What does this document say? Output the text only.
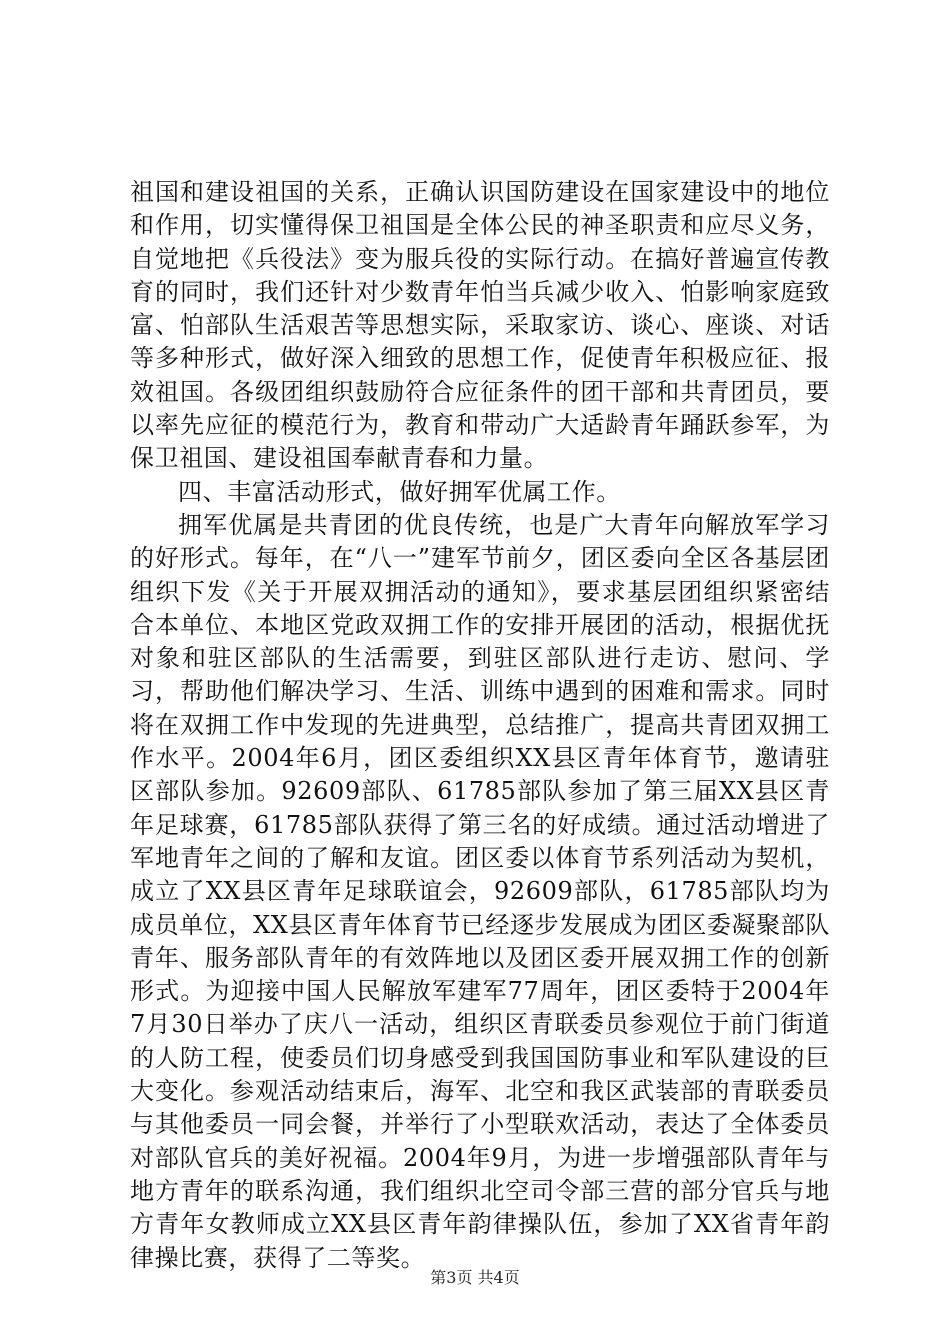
祖国和建设祖国的关系，正确认识国防建设在国家建设中的地位和作用，切实懂得保卫祖国是全体公民的神圣职责和应尽义务，自觉地把《兵役法》变为服兵役的实际行动。在搞好普遍宣传教育的同时，我们还针对少数青年怕当兵减少收入、怕影响家庭致富、怕部队生活艰苦等思想实际，采取家访、谈心、座谈、对话等多种形式，做好深入细致的思想工作，促使青年积极应征、报效祖国。各级团组织鼓励符合应征条件的团干部和共青团员，要以率先应征的模范行为，教育和带动广大适龄青年踊跃参军，为保卫祖国、建设祖国奉献青春和力量。

四、丰富活动形式，做好拥军优属工作。

拥军优属是共青团的优良传统，也是广大青年向解放军学习的好形式。每年，在“八一”建军节前夕，团区委向全区各基层团组织下发《关于开展双拥活动的通知》，要求基层团组织紧密结合本单位、本地区党政双拥工作的安排开展团的活动，根据优抚对象和驻区部队的生活需要，到驻区部队进行走访、慰问、学习，帮助他们解决学习、生活、训练中遇到的困难和需求。同时将在双拥工作中发现的先进典型，总结推广，提高共青团双拥工作水平。2004年6月，团区委组织XX县区青年体育节，邀请驻区部队参加。92609部队、61785部队参加了第三届XX县区青年足球赛，61785部队获得了第三名的好成绩。通过活动增进了军地青年之间的了解和友谊。团区委以体育节系列活动为契机，成立了XX县区青年足球联谊会，92609部队，61785部队均为成员单位，XX县区青年体育节已经逐步发展成为团区委凝聚部队青年、服务部队青年的有效阵地以及团区委开展双拥工作的创新形式。为迎接中国人民解放军建军77周年，团区委特于2004年7月30日举办了庆八一活动，组织区青联委员参观位于前门街道的人防工程，使委员们切身感受到我国国防事业和军队建设的巨大变化。参观活动结束后，海军、北空和我区武装部的青联委员与其他委员一同会餐，并举行了小型联欢活动，表达了全体委员对部队官兵的美好祝福。2004年9月，为进一步增强部队青年与地方青年的联系沟通，我们组织北空司令部三营的部分官兵与地方青年女教师成立XX县区青年韵律操队伍，参加了XX省青年韵律操比赛，获得了二等奖。

第3页 共4页
